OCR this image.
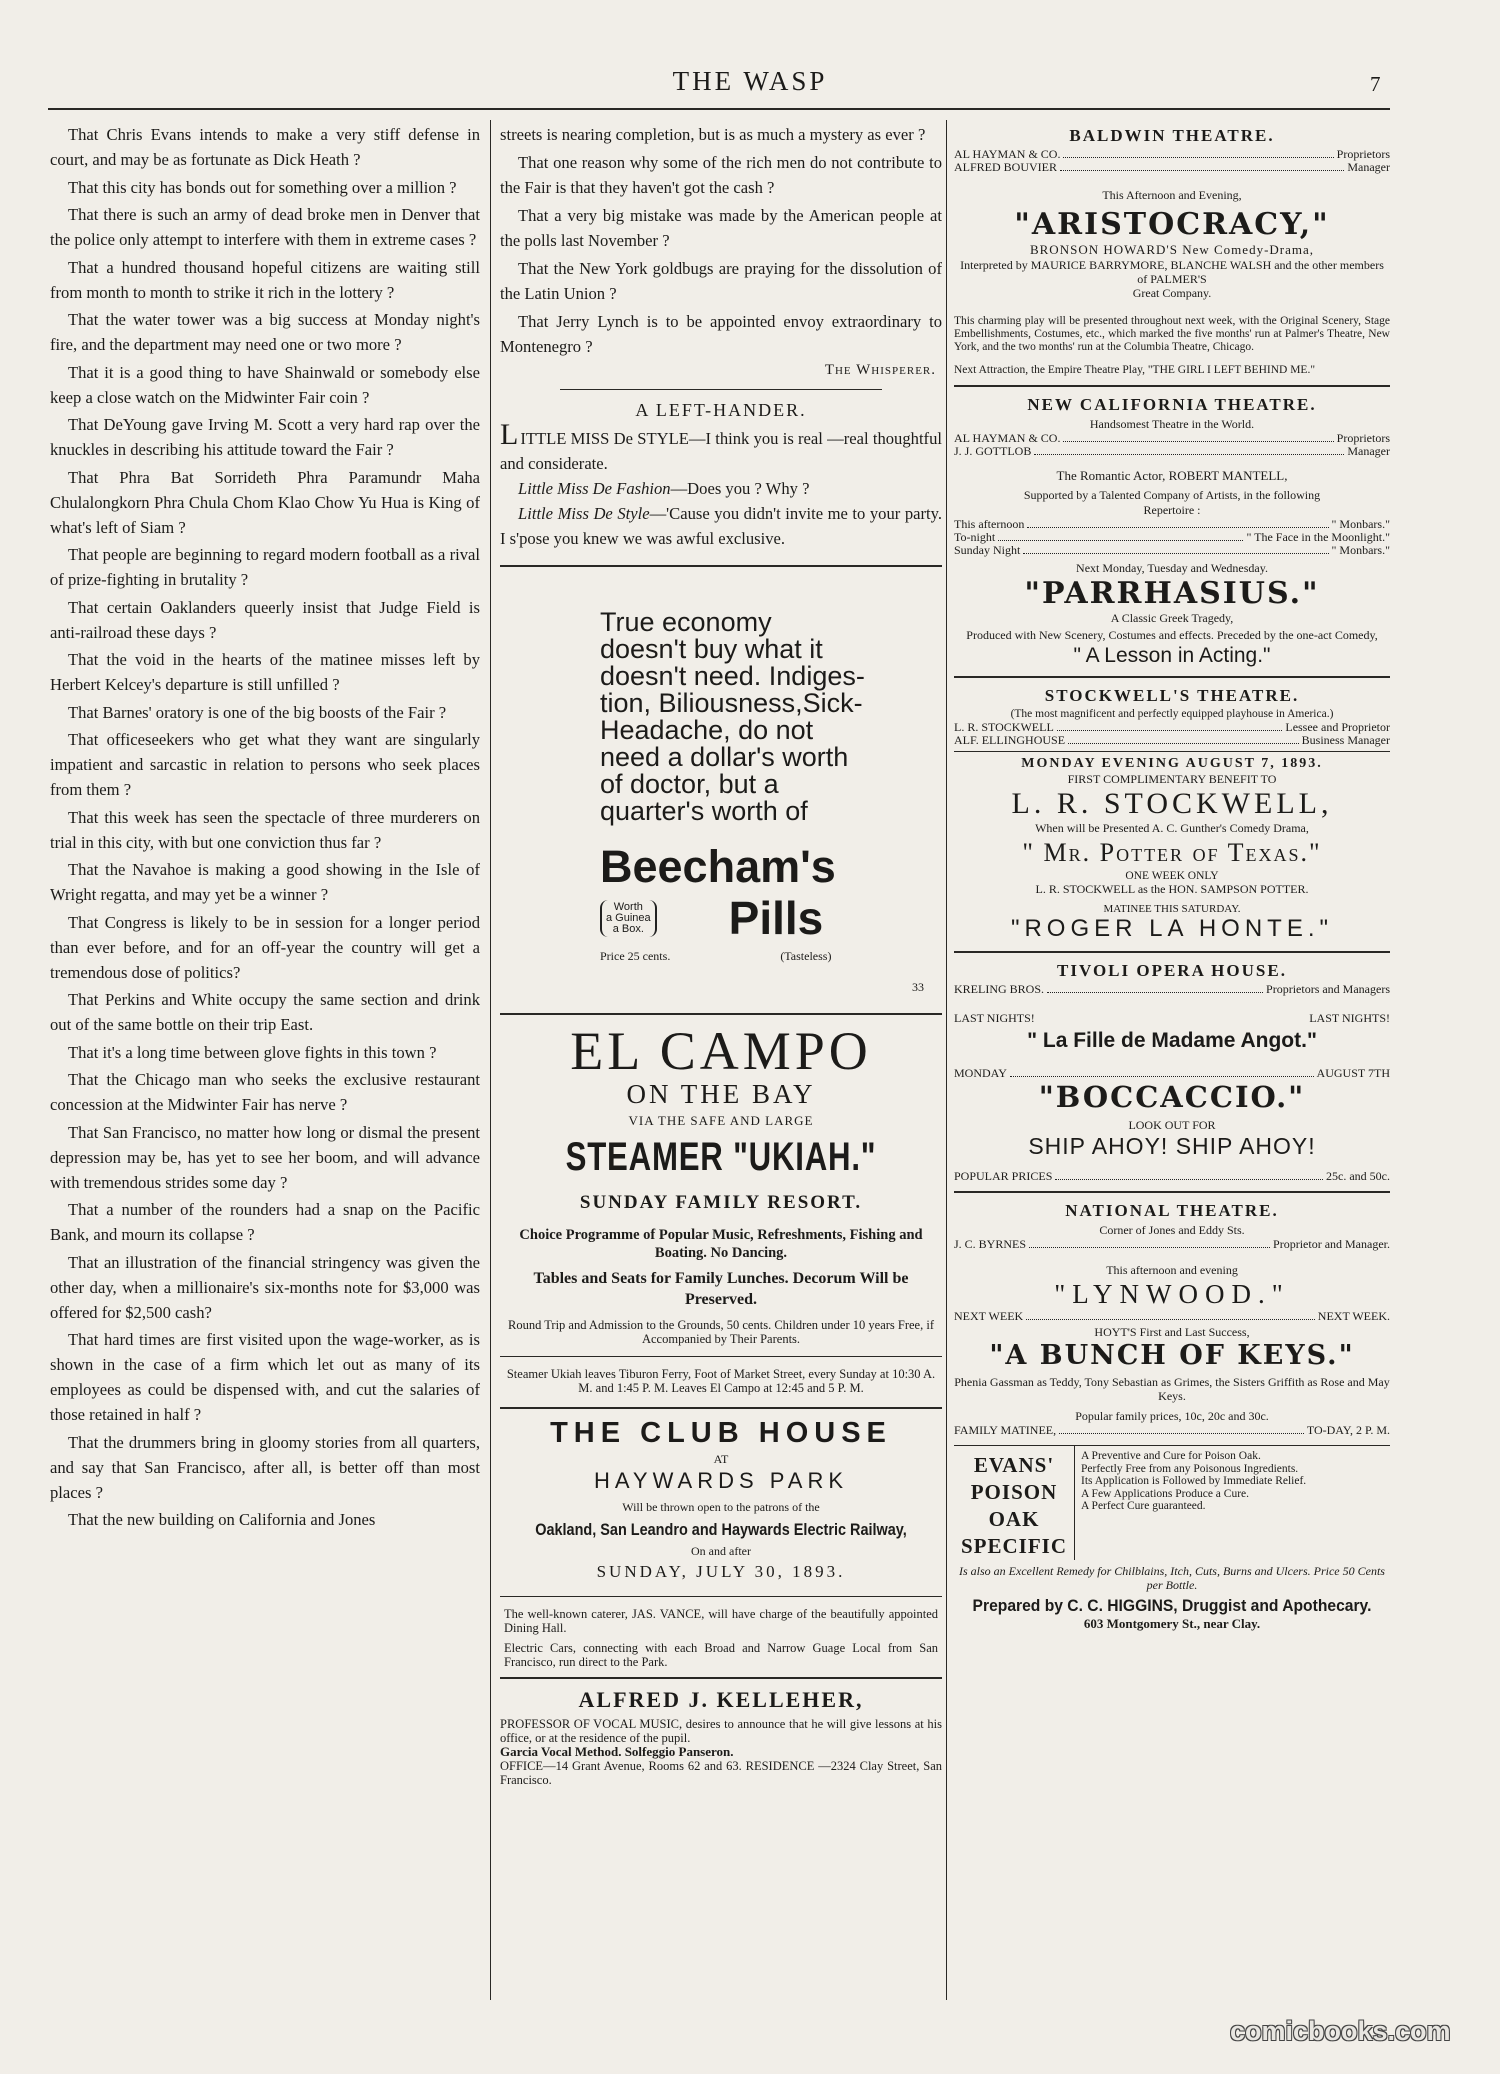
THE WASP	7

That Chris Evans intends to make a very stiff defense in court, and may be as fortunate as Dick Heath ?

That this city has bonds out for something over a million ?

That there is such an army of dead broke men in Denver that the police only attempt to interfere with them in extreme cases ?

That a hundred thousand hopeful citizens are waiting still from month to month to strike it rich in the lottery ?

That the water tower was a big success at Monday night's fire, and the department may need one or two more ?

That it is a good thing to have Shainwald or somebody else keep a close watch on the Midwinter Fair coin ?

That DeYoung gave Irving M. Scott a very hard rap over the knuckles in describing his attitude toward the Fair ?

That Phra Bat Sorrideth Phra Paramundr Maha Chulalongkorn Phra Chula Chom Klao Chow Yu Hua is King of what's left of Siam ?

That people are beginning to regard modern football as a rival of prize-fighting in brutality ?

That certain Oaklanders queerly insist that Judge Field is anti-railroad these days ?

That the void in the hearts of the matinee misses left by Herbert Kelcey's departure is still unfilled ?

That Barnes' oratory is one of the big boosts of the Fair ?

That officeseekers who get what they want are singularly impatient and sarcastic in relation to persons who seek places from them ?

That this week has seen the spectacle of three murderers on trial in this city, with but one conviction thus far ?

That the Navahoe is making a good showing in the Isle of Wright regatta, and may yet be a winner ?

That Congress is likely to be in session for a longer period than ever before, and for an off-year the country will get a tremendous dose of politics?

That Perkins and White occupy the same section and drink out of the same bottle on their trip East.

That it's a long time between glove fights in this town ?

That the Chicago man who seeks the exclusive restaurant concession at the Midwinter Fair has nerve ?

That San Francisco, no matter how long or dismal the present depression may be, has yet to see her boom, and will advance with tremendous strides some day ?

That a number of the rounders had a snap on the Pacific Bank, and mourn its collapse ?

That an illustration of the financial stringency was given the other day, when a millionaire's six-months note for $3,000 was offered for $2,500 cash?

That hard times are first visited upon the wage-worker, as is shown in the case of a firm which let out as many of its employees as could be dispensed with, and cut the salaries of those retained in half ?

That the drummers bring in gloomy stories from all quarters, and say that San Francisco, after all, is better off than most places ?

That the new building on California and Jones

streets is nearing completion, but is as much a mystery as ever ?

That one reason why some of the rich men do not contribute to the Fair is that they haven't got the cash ?

That a very big mistake was made by the American people at the polls last November ?

That the New York goldbugs are praying for the dissolution of the Latin Union ?

That Jerry Lynch is to be appointed envoy extraordinary to Montenegro ?

The Whisperer.
A LEFT-HANDER.

LITTLE MISS De STYLE—I think you is real —real thoughtful and considerate.

Little Miss De Fashion—Does you ? Why ?

Little Miss De Style—'Cause you didn't invite me to your party. I s'pose you knew we was awful exclusive.

True economy
doesn't buy what it
doesn't need. Indiges-
tion, Biliousness,Sick-
Headache, do not
need a dollar's worth
of doctor, but a
quarter's worth of
Beecham's
Worth
a Guinea
a Box. Pills
Price 25 cents.	(Tasteless)
33
EL CAMPO
ON THE BAY
VIA THE SAFE AND LARGE
STEAMER "UKIAH."
SUNDAY FAMILY RESORT.
Choice Programme of Popular Music, Refreshments, Fishing and Boating. No Dancing.
Tables and Seats for Family Lunches. Decorum Will be Preserved.
Round Trip and Admission to the Grounds, 50 cents. Children under 10 years Free, if Accompanied by Their Parents.
Steamer Ukiah leaves Tiburon Ferry, Foot of Market Street, every Sunday at 10:30 A. M. and 1:45 P. M. Leaves El Campo at 12:45 and 5 P. M.
THE CLUB HOUSE
AT
HAYWARDS PARK
Will be thrown open to the patrons of the
Oakland, San Leandro and Haywards Electric Railway,
On and after
SUNDAY, JULY 30, 1893.
The well-known caterer, JAS. VANCE, will have charge of the beautifully appointed Dining Hall.
Electric Cars, connecting with each Broad and Narrow Guage Local from San Francisco, run direct to the Park.
ALFRED J. KELLEHER,
PROFESSOR OF VOCAL MUSIC, desires to announce that he will give lessons at his office, or at the residence of the pupil.
Garcia Vocal Method. Solfeggio Panseron.
OFFICE—14 Grant Avenue, Rooms 62 and 63. RESIDENCE —2324 Clay Street, San Francisco.
BALDWIN THEATRE.
AL HAYMAN & CO.	Proprietors
ALFRED BOUVIER	Manager
This Afternoon and Evening,
"ARISTOCRACY,"
BRONSON HOWARD'S New Comedy-Drama,
Interpreted by MAURICE BARRYMORE, BLANCHE WALSH and the other members of PALMER'S
Great Company.
This charming play will be presented throughout next week, with the Original Scenery, Stage Embellishments, Costumes, etc., which marked the five months' run at Palmer's Theatre, New York, and the two months' run at the Columbia Theatre, Chicago.
Next Attraction, the Empire Theatre Play, "THE GIRL I LEFT BEHIND ME."
NEW CALIFORNIA THEATRE.
Handsomest Theatre in the World.
AL HAYMAN & CO.	Proprietors
J. J. GOTTLOB	Manager
The Romantic Actor, ROBERT MANTELL,
Supported by a Talented Company of Artists, in the following
Repertoire :
This afternoon	" Monbars."
To-night	" The Face in the Moonlight."
Sunday Night	" Monbars."
Next Monday, Tuesday and Wednesday.
"PARRHASIUS."
A Classic Greek Tragedy,
Produced with New Scenery, Costumes and effects. Preceded by the one-act Comedy,
" A Lesson in Acting."
STOCKWELL'S THEATRE.
(The most magnificent and perfectly equipped playhouse in America.)
L. R. STOCKWELL	Lessee and Proprietor
ALF. ELLINGHOUSE	Business Manager
MONDAY EVENING AUGUST 7, 1893.
FIRST COMPLIMENTARY BENEFIT TO
L. R. STOCKWELL,
When will be Presented A. C. Gunther's Comedy Drama,
" Mr. Potter of Texas."
ONE WEEK ONLY
L. R. STOCKWELL as the HON. SAMPSON POTTER.
MATINEE THIS SATURDAY.
"ROGER LA HONTE."
TIVOLI OPERA HOUSE.
KRELING BROS.	Proprietors and Managers
LAST NIGHTS!	LAST NIGHTS!
" La Fille de Madame Angot."
MONDAY	AUGUST 7TH
"BOCCACCIO."
LOOK OUT FOR
SHIP AHOY! SHIP AHOY!
POPULAR PRICES	25c. and 50c.
NATIONAL THEATRE.
Corner of Jones and Eddy Sts.
J. C. BYRNES	Proprietor and Manager.
This afternoon and evening
"LYNWOOD."
NEXT WEEK	NEXT WEEK.
HOYT'S First and Last Success,
"A BUNCH OF KEYS."
Phenia Gassman as Teddy, Tony Sebastian as Grimes, the Sisters Griffith as Rose and May Keys.
Popular family prices, 10c, 20c and 30c.
FAMILY MATINEE,	TO-DAY, 2 P. M.
EVANS'
POISON
OAK
SPECIFIC
A Preventive and Cure for Poison Oak.
Perfectly Free from any Poisonous Ingredients.
Its Application is Followed by Immediate Relief.
A Few Applications Produce a Cure.
A Perfect Cure guaranteed.
Is also an Excellent Remedy for Chilblains, Itch, Cuts, Burns and Ulcers. Price 50 Cents per Bottle.
Prepared by C. C. HIGGINS, Druggist and Apothecary.
603 Montgomery St., near Clay.
comicbooks.com
